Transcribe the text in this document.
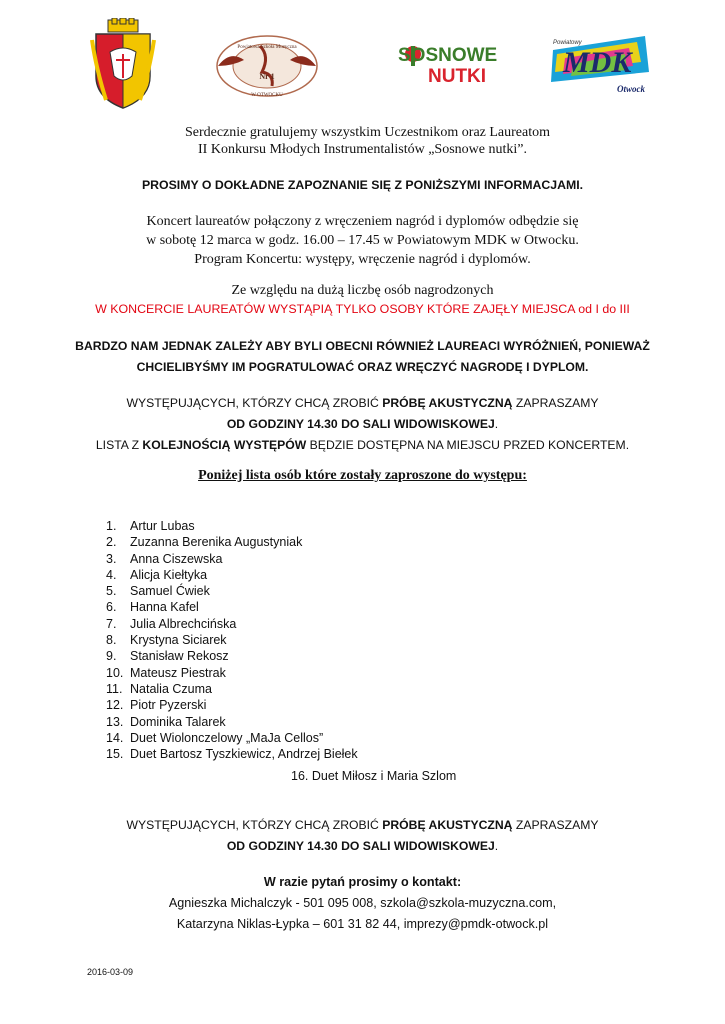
Powiatowa Szkoła Muzyczna
Nr 1
W OTWOCKU
SOSNOWE
NUTKI
Powiatowy
MDK
Otwock
Serdecznie gratulujemy wszystkim Uczestnikom oraz Laureatom
II Konkursu Młodych Instrumentalistów „Sosnowe nutki”.
PROSIMY O DOKŁADNE ZAPOZNANIE SIĘ Z PONIŻSZYMI INFORMACJAMI.
Koncert laureatów połączony z wręczeniem nagród i dyplomów odbędzie się
w sobotę 12 marca w godz. 16.00 – 17.45 w Powiatowym MDK w Otwocku.
Program Koncertu: występy, wręczenie nagród i dyplomów.
Ze względu na dużą liczbę osób nagrodzonych
W KONCERCIE LAUREATÓW WYSTĄPIĄ TYLKO OSOBY KTÓRE ZAJĘŁY MIEJSCA od I do III
BARDZO NAM JEDNAK ZALEŻY ABY BYLI OBECNI RÓWNIEŻ LAUREACI WYRÓŻNIEŃ, PONIEWAŻ
CHCIELIBYŚMY IM POGRATULOWAĆ ORAZ WRĘCZYĆ NAGRODĘ I DYPLOM.
WYSTĘPUJĄCYCH, KTÓRZY CHCĄ ZROBIĆ PRÓBĘ AKUSTYCZNĄ ZAPRASZAMY
OD GODZINY 14.30 DO SALI WIDOWISKOWEJ.
LISTA Z KOLEJNOŚCIĄ WYSTĘPÓW BĘDZIE DOSTĘPNA NA MIEJSCU PRZED KONCERTEM.
Poniżej lista osób które zostały zaproszone do występu:
1. Artur Lubas
2. Zuzanna Berenika Augustyniak
3. Anna Ciszewska
4. Alicja Kiełtyka
5. Samuel Ćwiek
6. Hanna Kafel
7. Julia Albrechcińska
8. Krystyna Siciarek
9. Stanisław Rekosz
10. Mateusz Piestrak
11. Natalia Czuma
12. Piotr Pyzerski
13. Dominika Talarek
14. Duet Wiolonczelowy „MaJa Cellos”
15. Duet Bartosz Tyszkiewicz, Andrzej Biełek
16. Duet Miłosz i Maria Szlom
WYSTĘPUJĄCYCH, KTÓRZY CHCĄ ZROBIĆ PRÓBĘ AKUSTYCZNĄ ZAPRASZAMY
OD GODZINY 14.30 DO SALI WIDOWISKOWEJ.
W razie pytań prosimy o kontakt:
Agnieszka Michalczyk - 501 095 008, szkola@szkola-muzyczna.com,
Katarzyna Niklas-Łypka – 601 31 82 44, imprezy@pmdk-otwock.pl
2016-03-09
